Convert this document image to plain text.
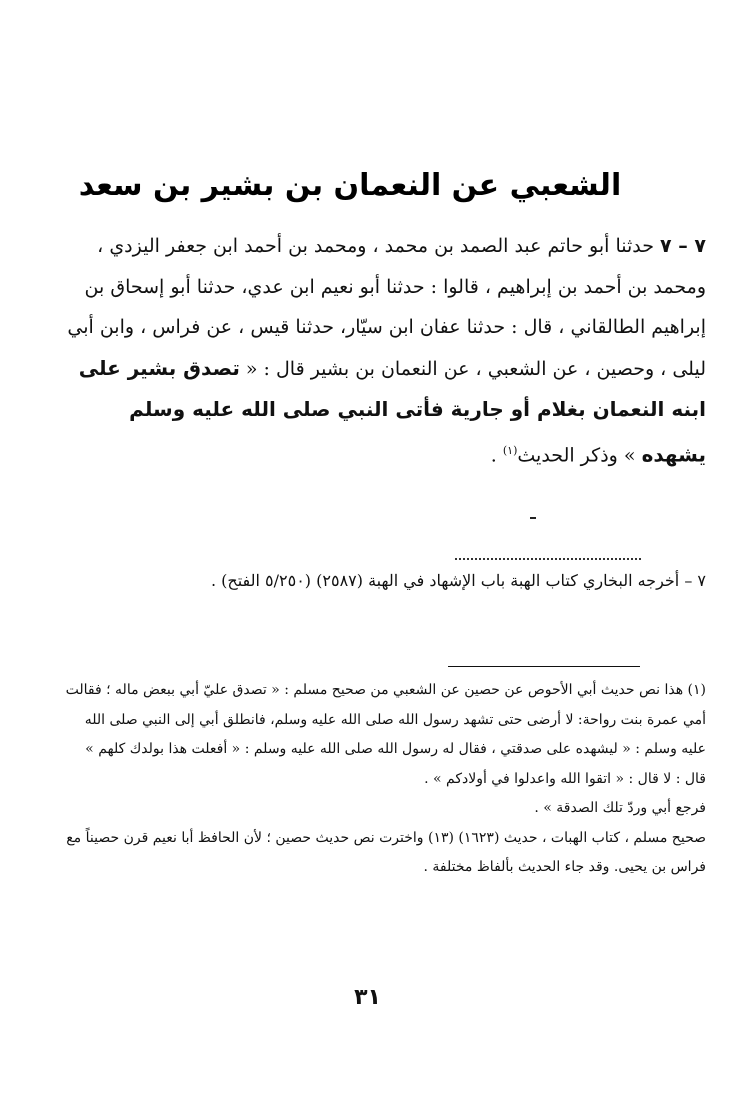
الشعبي عن النعمان بن بشير بن سعد
٧ – ٧ حدثنا أبو حاتم عبد الصمد بن محمد ، ومحمد بن أحمد ابن جعفر اليزدي ، ومحمد بن أحمد بن إبراهيم ، قالوا : حدثنا أبو نعيم ابن عدي، حدثنا أبو إسحاق بن إبراهيم الطالقاني ، قال : حدثنا عفان ابن سيّار، حدثنا قيس ، عن فراس ، وابن أبي ليلى ، وحصين ، عن الشعبي ، عن النعمان بن بشير قال : « تصدق بشير على ابنه النعمان بغلام أو جارية فأتى النبي صلى الله عليه وسلم يشهده » وذكر الحديث$^{(١)}$ .
٧ – أخرجه البخاري كتاب الهبة باب الإشهاد في الهبة (٢٥٨٧) (٥/٢٥٠ الفتح) .

(١) هذا نص حديث أبي الأحوص عن حصين عن الشعبي من صحيح مسلم : « تصدق عليّ أبي ببعض ماله ؛ فقالت أمي عمرة بنت رواحة: لا أرضى حتى تشهد رسول الله صلى الله عليه وسلم، فانطلق أبي إلى النبي صلى الله عليه وسلم : « ليشهده على صدقتي ، فقال له رسول الله صلى الله عليه وسلم : « أفعلت هذا بولدك كلهم » قال : لا قال : « اتقوا الله واعدلوا في أولادكم » .

فرجع أبي وردّ تلك الصدقة » .

صحيح مسلم ، كتاب الهبات ، حديث (١٦٢٣) (١٣) واخترت نص حديث حصين ؛ لأن الحافظ أبا نعيم قرن حصيناً مع فراس بن يحيى. وقد جاء الحديث بألفاظ مختلفة .

٣١
